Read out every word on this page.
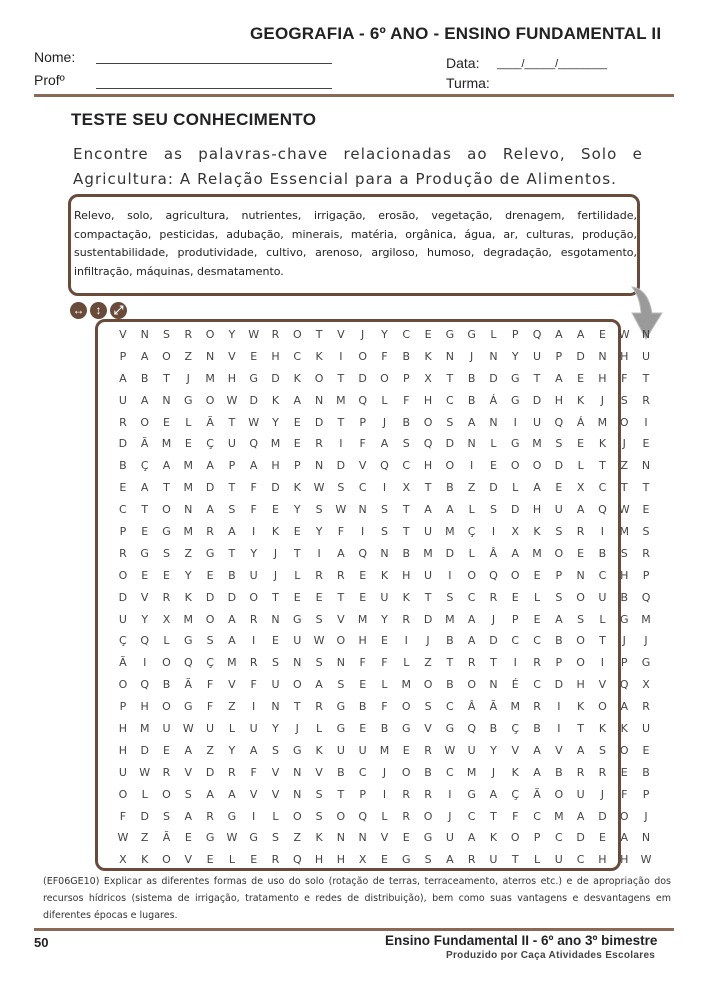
GEOGRAFIA - 6º ANO - ENSINO FUNDAMENTAL II
Nome:
Profº
Data: ____/_____/________
Turma:
TESTE SEU CONHECIMENTO
Encontre as palavras-chave relacionadas ao Relevo, Solo e Agricultura: A Relação Essencial para a Produção de Alimentos.
Relevo, solo, agricultura, nutrientes, irrigação, erosão, vegetação, drenagem, fertilidade, compactação, pesticidas, adubação, minerais, matéria, orgânica, água, ar, culturas, produção, sustentabilidade, produtividade, cultivo, arenoso, argiloso, humoso, degradação, esgotamento, infiltração, máquinas, desmatamento.
↔ ↕ ⤢
V	N	S	R	O	Y	W	R	O	T	V	J	Y	C	E	G	G	L	P	Q	A	A	E	W	N
P	A	O	Z	N	V	E	H	C	K	I	O	F	B	K	N	J	N	Y	U	P	D	N	H	U
A	B	T	J	M	H	G	D	K	O	T	D	O	P	X	T	B	D	G	T	A	E	H	F	T
U	A	N	G	O	W	D	K	A	N	M	Q	L	F	H	C	B	Á	G	D	H	K	J	S	R
R	O	E	L	Ã	T	W	Y	E	D	T	P	J	B	O	S	A	N	I	U	Q	Á	M	O	I
D	Ã	M	E	Ç	U	Q	M	E	R	I	F	A	S	Q	D	N	L	G	M	S	E	K	J	E
B	Ç	A	M	A	P	A	H	P	N	D	V	Q	C	H	O	I	E	O	O	D	L	T	Z	N
E	A	T	M	D	T	F	D	K	W	S	C	I	X	T	B	Z	D	L	A	E	X	C	T	T
C	T	O	N	A	S	F	E	Y	S	W	N	S	T	A	A	L	S	D	H	U	A	Q	W	E
P	E	G	M	R	A	I	K	E	Y	F	I	S	T	U	M	Ç	I	X	K	S	R	I	M	S
R	G	S	Z	G	T	Y	J	T	I	A	Q	N	B	M	D	L	Â	A	M	O	E	B	S	R
O	E	E	Y	E	B	U	J	L	R	R	E	K	H	U	I	O	Q	O	E	P	N	C	H	P
D	V	R	K	D	D	O	T	E	E	T	E	U	K	T	S	C	R	E	L	S	O	U	B	Q
U	Y	X	M	O	A	R	N	G	S	V	M	Y	R	D	M	A	J	P	E	A	S	L	G	M
Ç	Q	L	G	S	A	I	E	U	W	O	H	E	I	J	B	A	D	C	C	B	O	T	J	J
Ã	I	O	Q	Ç	M	R	S	N	S	N	F	F	L	Z	T	R	T	I	R	P	O	I	P	G
O	Q	B	Ã	F	V	F	U	O	A	S	E	L	M	O	B	O	N	É	C	D	H	V	Q	X
P	H	O	G	F	Z	I	N	T	R	G	B	F	O	S	C	Â	Ã	M	R	I	K	O	A	R
H	M	U	W	U	L	U	Y	J	L	G	E	B	G	V	G	Q	B	Ç	B	I	T	K	K	U
H	D	E	A	Z	Y	A	S	G	K	U	U	M	E	R	W	U	Y	V	A	V	A	S	O	E
U	W	R	V	D	R	F	V	N	V	B	C	J	O	B	C	M	J	K	A	B	R	R	E	B
O	L	O	S	A	A	V	V	N	S	T	P	I	R	R	I	G	A	Ç	Ã	O	U	J	F	P
F	D	S	A	R	G	I	L	O	S	O	Q	L	R	O	J	C	T	F	C	M	A	D	O	J
W	Z	Ã	E	G	W	G	S	Z	K	N	N	V	E	G	U	A	K	O	P	C	D	E	A	N
X	K	O	V	E	L	E	R	Q	H	H	X	E	G	S	A	R	U	T	L	U	C	H	H	W
(EF06GE10) Explicar as diferentes formas de uso do solo (rotação de terras, terraceamento, aterros etc.) e de apropriação dos recursos hídricos (sistema de irrigação, tratamento e redes de distribuição), bem como suas vantagens e desvantagens em diferentes épocas e lugares.
50	Ensino Fundamental II - 6º ano 3º bimestre
Produzido por Caça Atividades Escolares
